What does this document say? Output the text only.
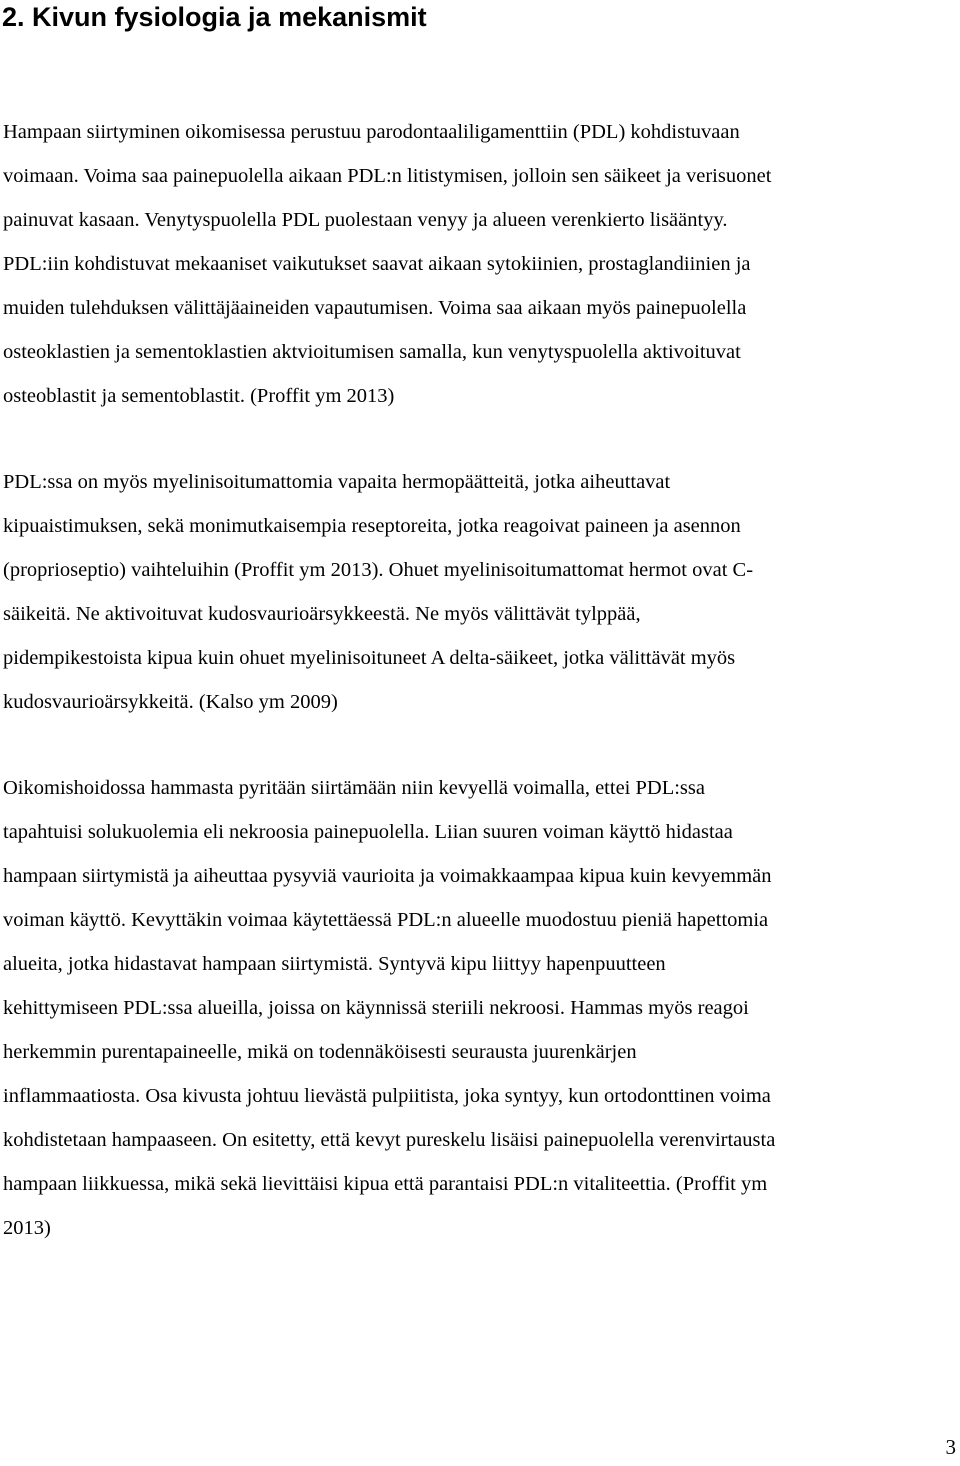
2. Kivun fysiologia ja mekanismit

Hampaan siirtyminen oikomisessa perustuu parodontaaliligamenttiin (PDL) kohdistuvaan
voimaan. Voima saa painepuolella aikaan PDL:n litistymisen, jolloin sen säikeet ja verisuonet
painuvat kasaan. Venytyspuolella PDL puolestaan venyy ja alueen verenkierto lisääntyy.
PDL:iin kohdistuvat mekaaniset vaikutukset saavat aikaan sytokiinien, prostaglandiinien ja
muiden tulehduksen välittäjäaineiden vapautumisen. Voima saa aikaan myös painepuolella
osteoklastien ja sementoklastien aktvioitumisen samalla, kun venytyspuolella aktivoituvat
osteoblastit ja sementoblastit. (Proffit ym 2013)

PDL:ssa on myös myelinisoitumattomia vapaita hermopäätteitä, jotka aiheuttavat
kipuaistimuksen, sekä monimutkaisempia reseptoreita, jotka reagoivat paineen ja asennon
(proprioseptio) vaihteluihin (Proffit ym 2013). Ohuet myelinisoitumattomat hermot ovat C-
säikeitä. Ne aktivoituvat kudosvaurioärsykkeestä. Ne myös välittävät tylppää,
pidempikestoista kipua kuin ohuet myelinisoituneet A delta-säikeet, jotka välittävät myös
kudosvaurioärsykkeitä. (Kalso ym 2009)

Oikomishoidossa hammasta pyritään siirtämään niin kevyellä voimalla, ettei PDL:ssa
tapahtuisi solukuolemia eli nekroosia painepuolella. Liian suuren voiman käyttö hidastaa
hampaan siirtymistä ja aiheuttaa pysyviä vaurioita ja voimakkaampaa kipua kuin kevyemmän
voiman käyttö. Kevyttäkin voimaa käytettäessä PDL:n alueelle muodostuu pieniä hapettomia
alueita, jotka hidastavat hampaan siirtymistä. Syntyvä kipu liittyy hapenpuutteen
kehittymiseen PDL:ssa alueilla, joissa on käynnissä steriili nekroosi. Hammas myös reagoi
herkemmin purentapaineelle, mikä on todennäköisesti seurausta juurenkärjen
inflammaatiosta. Osa kivusta johtuu lievästä pulpiitista, joka syntyy, kun ortodonttinen voima
kohdistetaan hampaaseen. On esitetty, että kevyt pureskelu lisäisi painepuolella verenvirtausta
hampaan liikkuessa, mikä sekä lievittäisi kipua että parantaisi PDL:n vitaliteettia. (Proffit ym
2013)

3
